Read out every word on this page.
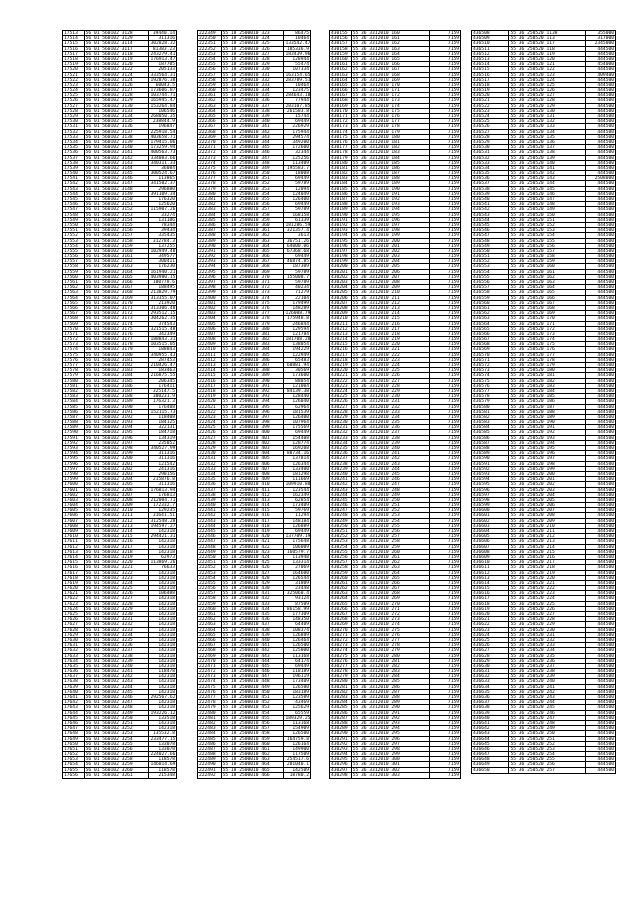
17513	56 01 560102 3128	39440.14
17514	56 01 560102 3129	311316
17515	56 01 560102 3114	302828.32
17516	56 01 560102 3117	81383.23
17517	56 01 560102 3118	243279.41
17518	56 01 560102 3119	176913.47
17519	56 01 560102 3120	187705
17520	56 01 560102 3122	205133
17521	56 01 560102 3124	333564.31
17522	56 01 560102 3124	192876.38
17523	56 01 560102 3126	60043.5
17524	56 01 560102 3127	173606.87
17525	56 01 560102 3128	103744.71
17526	56 01 560102 3129	165945.47
17527	56 01 560102 3130	153264.84
17528	56 01 560102 3133	106546
17529	56 01 560102 3134	268050.35
17530	56 01 560102 3135	238844.9
17531	56 01 560102 3136	196847
17532	56 01 560102 3137	225918.54
17533	56 01 560102 3138	403658.71
17534	56 01 560102 3139	179415.06
17535	56 01 560102 3140	173259.94
17536	56 01 560102 3141	400563.73
17537	56 01 560102 3142	334083.66
17538	56 01 560102 3143	340311.33
17539	56 01 560102 3144	36084
17540	56 01 560102 3145	300524.67
17541	56 01 560102 3146	113865
17542	56 01 560102 3147	341502.37
17543	56 01 560102 3148	296880
17544	56 01 560102 3149	391109.34
17545	56 01 560102 3150	176320
17546	56 01 560102 3151	125620
17547	56 01 560102 3152	115907.26
17548	56 01 560102 3153	33274
17549	56 01 560102 3154	131106
17550	56 01 560102 3155	78344
17551	56 01 560102 3156	39434
17552	56 01 560102 3157	335435
17553	56 01 560102 3158	312784.3
17554	56 01 560102 3159	137255
17555	56 01 560102 3160	102949.48
17556	56 01 560102 3161	349577
17557	56 01 560102 3162	300411
17558	56 01 560102 3163	176230
17559	56 01 560102 3164	161940.21
17560	56 01 560102 3165	403980.15
17561	56 01 560102 3166	180778.6
17562	56 01 560102 3167	188495
17563	56 01 560102 3168	213829.79
17564	56 01 560102 3169	313355.07
17565	56 01 560102 3170	213920
17566	56 01 560102 3171	313306.48
17567	56 01 560102 3172	293512.15
17568	56 01 560102 3173	304262.35
17569	56 01 560102 3174	374543
17570	56 01 560102 3175	321515.48
17571	56 01 560102 3176	342349
17572	56 01 560102 3177	188843.31
17573	56 01 560102 3178	103515.05
17574	56 01 560102 3179	188843
17575	56 01 560102 3180	340955.43
17576	56 01 560102 3181	287453
17577	56 01 560102 3182	210426.47
17578	56 01 560102 3183	183463
17579	56 01 560102 3184	216875.55
17580	56 01 560102 3185	206345
17581	56 01 560102 3186	176411
17582	56 01 560102 3187	325147.5
17583	56 01 560102 3188	300231.9
17584	56 01 560102 3189	176321.3
17585	56 01 560102 3190	176408
17586	56 01 560102 3191	152115.73
17587	56 01 560102 3192	118408
17588	56 01 560102 3193	184125
17589	56 01 560102 3194	322131
17590	56 01 560102 3195	184718
17591	56 01 560102 3196	134319
17592	56 01 560102 3197	235052
17593	56 01 560102 3198	340527.99
17594	56 01 560102 3199	311316
17595	56 01 560102 3200	311316
17596	56 01 560102 3201	121542
17597	56 01 560102 3202	241316
17598	56 01 560102 3203	290156
17599	56 01 560102 3204	215876.8
17600	56 01 560102 3205	311316
17601	56 01 560102 3206	176813.94
17602	56 01 560102 3207	176813
17603	56 01 560102 3208	212004.71
17604	56 01 560102 3209	172332.7
17605	56 01 560102 3210	129235
17606	56 01 560102 3211	31641.51
17607	56 01 560102 3212	312548.28
17608	56 01 560102 3213	194597.27
17609	56 01 560102 3214	142318
17610	56 01 560102 3215	294421.31
17611	56 01 560102 3216	142318
17612	56 01 560102 3217	142318
17613	56 01 560102 3218	142318
17614	56 01 560102 3219	62973
17615	56 01 560102 3220	113869.26
17616	56 01 560102 3221	76633
17617	56 01 560102 3222	142318
17618	56 01 560102 3223	142318
17619	56 01 560102 3224	142318
17620	56 01 560102 3225	142318
17621	56 01 560102 3226	106408
17622	56 01 560102 3227	142318
17623	56 01 560102 3228	142318
17624	56 01 560102 3229	142318
17625	56 01 560102 3230	142318
17626	56 01 560102 3231	142318
17627	56 01 560102 3232	142318
17628	56 01 560102 3233	142318
17629	56 01 560102 3234	142318
17630	56 01 560102 3235	142318
17631	56 01 560102 3236	142318
17632	56 01 560102 3237	142318
17633	56 01 560102 3238	142318
17634	56 01 560102 3239	142318
17635	56 01 560102 3240	142318
17636	56 01 560102 3241	118478
17637	56 01 560102 3242	142318
17638	56 01 560102 3243	142318
17639	56 01 560102 3244	142318
17640	56 01 560102 3245	142318
17641	56 01 560102 3246	292567.62
17642	56 01 560102 3247	142318
17643	56 01 560102 3248	142318
17644	56 01 560102 3249	193226.12
17645	56 01 560102 3250	133518
17646	56 01 560102 3251	142318
17647	56 01 560102 3252	142318
17648	56 01 560102 3253	135532.8
17649	56 01 560102 3254	233477.15
17650	56 01 560102 3255	133078
17651	56 01 560102 3256	133078
17652	56 01 560102 3257	224027.66
17653	56 01 560102 3258	118578
17654	56 01 560102 3259	146814.69
17655	56 01 560102 3260	118578
17656	56 01 560102 3261	215348
222349	55 18 2500010 323	86475
222350	55 18 2500010 324	10464
222351	55 18 2500010 325	133542.47
222352	55 18 2500010 326	185336.9
222353	55 18 2500010 327	183439.96
222354	55 18 2500010 328	128944
222355	55 18 2500010 329	55474
222356	55 18 2500010 330	107334
222357	55 18 2500010 331	163154.65
222358	55 18 2500010 332	283789.51
222359	55 18 2500010 333	10464
222360	55 18 2500010 334	123475
222361	55 18 2500010 335	284643.18
222362	55 18 2500010 336	77944
222363	55 18 2500010 337	283107.85
222364	55 18 2500010 338	261583.8
222365	55 18 2500010 339	15744
222366	55 18 2500010 340	69449
222367	55 18 2500010 341	226929
222368	55 18 2500010 342	175944
222369	55 18 2500010 343	294574
222370	55 18 2500010 344	349200
222371	55 18 2500010 345	172600
222372	55 18 2500010 346	32344
222373	55 18 2500010 347	125256
222374	55 18 2500010 348	113409
222375	55 18 2500010 349	195583.7
222376	55 18 2500010 350	18008
222377	55 18 2500010 351	69449
222378	55 18 2500010 352	59789
222379	55 18 2500010 353	12094
222380	55 18 2500010 354	124049
222381	55 18 2500010 355	126400
222382	55 18 2500010 356	69449
222383	55 18 2500010 357	59789
222384	55 18 2500010 358	168158
222385	55 18 2500010 359	61339
222386	55 18 2500010 360	181286.59
222387	55 18 2500010 361	321357.4
222388	55 18 2500010 362	3613
222389	55 18 2500010 363	36751.26
222390	55 18 2500010 364	64000.06
222391	55 18 2500010 365	67368.68
222392	55 18 2500010 366	69449
222393	55 18 2500010 367	46874.85
222394	55 18 2500010 368	187309
222395	55 18 2500010 369	59789
222396	55 18 2500010 370	155008.7
222397	55 18 2500010 371	59789
222398	55 18 2500010 372	40234
222399	55 18 2500010 373	71279
222400	55 18 2500010 374	22104
222401	55 18 2500010 375	179499
222402	55 18 2500010 376	148289
222403	55 18 2500010 377	126008.79
222404	55 18 2500010 378	175948.8
222405	55 18 2500010 379	246844
222406	55 18 2500010 380	129594
222407	55 18 2500010 381	121784
222408	55 18 2500010 382	181708.28
222409	55 18 2500010 383	138054
222410	55 18 2500010 384	194229
222411	55 18 2500010 385	122949
222412	55 18 2500010 386	65483
222413	55 18 2500010 387	60881.94
222414	55 18 2500010 388	30569
222415	55 18 2500010 389	173600
222416	55 18 2500010 390	88054
222417	55 18 2500010 391	121004
222418	55 18 2500010 392	84139.38
222419	55 18 2500010 393	128440
222420	55 18 2500010 394	126040
222421	55 18 2500010 395	62964
222422	55 18 2500010 396	181539
222423	55 18 2500010 397	126400
222424	55 18 2500010 398	107964
222425	55 18 2500010 399	175569
222426	55 18 2500010 400	69449
222427	55 18 2500010 401	154408
222428	55 18 2500010 402	128774
222429	55 18 2500010 403	169208
222430	55 18 2500010 404	88734.16
222431	55 18 2500010 405	137814
222432	55 18 2500010 406	126344
222433	55 18 2500010 407	133400
222434	55 18 2500010 408	181298
222435	55 18 2500010 409	111669
222436	55 18 2500010 410	109910.88
222437	55 18 2500010 411	123544
222438	55 18 2500010 412	162349
222439	55 18 2500010 413	62854
222440	55 18 2500010 414	173409
222441	55 18 2500010 415	59769
222442	55 18 2500010 416	11294
222443	55 18 2500010 417	148184
222444	55 18 2500010 418	126889
222445	55 18 2500010 419	69449
222446	55 18 2500010 420	137709.19
222447	55 18 2500010 421	175648
222448	55 18 2500010 422	106009
222449	55 18 2500010 423	160579.7
222450	55 18 2500010 424	113948
222451	55 18 2500010 425	133314
222452	55 18 2500010 426	27069
222453	55 18 2500010 427	164600
222454	55 18 2500010 428	126544
222455	55 18 2500010 429	31809
222456	55 18 2500010 430	23448
222457	55 18 2500010 431	325060.4
222458	55 18 2500010 432	93124
222459	55 18 2500010 433	87509
222460	55 18 2500010 434	86158.99
222461	55 18 2500010 435	177309
222462	55 18 2500010 436	148350
222463	55 18 2500010 437	64409
222464	55 18 2500010 438	108374
222465	55 18 2500010 439	126889
222466	55 18 2500010 440	126464
222467	55 18 2500010 441	126500
222468	55 18 2500010 442	125000
222469	55 18 2500010 443	113168
222470	55 18 2500010 444	64174
222471	55 18 2500010 445	69449
222472	55 18 2500010 446	118189
222473	55 18 2500010 447	196119
222474	55 18 2500010 448	173409
222475	55 18 2500010 449	126500
222476	55 18 2500010 450	183189
222477	55 18 2500010 451	123589
222478	55 18 2500010 452	43469
222479	55 18 2500010 453	125629
222480	55 18 2500010 454	65559
222481	55 18 2500010 455	189329.25
222482	55 18 2500010 456	113168
222483	55 18 2500010 457	154909
222484	55 18 2500010 458	126500
222485	55 18 2500010 459	164759.8
222486	55 18 2500010 460	126164
222487	55 18 2500010 461	149900
222488	55 18 2500010 462	117509
222489	55 18 2500010 463	254517.6
222490	55 18 2500010 464	201040.1
222491	55 18 2500010 465	142509
222492	55 18 2500010 466	18780.2
430155	55 36 3312010 160	7159
430156	55 36 3312010 161	7159
430157	55 36 3312010 162	7159
430158	55 36 3312010 163	7159
430159	55 36 3312010 164	7159
430160	55 36 3312010 165	7159
430161	55 36 3312010 166	7159
430162	55 36 3312010 167	7159
430163	55 36 3312010 168	7159
430164	55 36 3312010 169	7159
430165	55 36 3312010 170	7159
430166	55 36 3312010 171	7159
430167	55 36 3312010 172	7159
430168	55 36 3312010 173	7159
430169	55 36 3312010 174	7159
430170	55 36 3312010 175	7159
430171	55 36 3312010 176	7159
430172	55 36 3312010 177	7159
430173	55 36 3312010 178	7159
430174	55 36 3312010 179	7159
430175	55 36 3312010 180	7159
430176	55 36 3312010 181	7159
430177	55 36 3312010 182	7159
430178	55 36 3312010 183	7159
430179	55 36 3312010 184	7159
430180	55 36 3312010 185	7159
430181	55 36 3312010 186	7159
430182	55 36 3312010 187	7159
430183	55 36 3312010 188	7159
430184	55 36 3312010 189	7159
430185	55 36 3312010 190	7159
430186	55 36 3312010 191	7159
430187	55 36 3312010 192	7159
430188	55 36 3312010 193	7159
430189	55 36 3312010 194	7159
430190	55 36 3312010 195	7159
430191	55 36 3312010 196	7159
430192	55 36 3312010 197	7159
430193	55 36 3312010 198	7159
430194	55 36 3312010 199	7159
430195	55 36 3312010 200	7159
430196	55 36 3312010 201	7159
430197	55 36 3312010 202	7159
430198	55 36 3312010 203	7159
430199	55 36 3312010 204	7159
430200	55 36 3312010 205	7159
430201	55 36 3312010 206	7159
430202	55 36 3312010 207	7159
430203	55 36 3312010 208	7159
430204	55 36 3312010 209	7159
430205	55 36 3312010 210	7159
430206	55 36 3312010 211	7159
430207	55 36 3312010 212	7159
430208	55 36 3312010 213	7159
430209	55 36 3312010 214	7159
430210	55 36 3312010 215	7159
430211	55 36 3312010 216	7159
430212	55 36 3312010 217	7159
430213	55 36 3312010 218	7159
430214	55 36 3312010 219	7159
430215	55 36 3312010 220	7159
430216	55 36 3312010 221	7159
430217	55 36 3312010 222	7159
430218	55 36 3312010 223	7159
430219	55 36 3312010 224	7159
430220	55 36 3312010 225	7159
430221	55 36 3312010 226	7159
430222	55 36 3312010 227	7159
430223	55 36 3312010 228	7159
430224	55 36 3312010 229	7159
430225	55 36 3312010 230	7159
430226	55 36 3312010 231	7159
430227	55 36 3312010 232	7159
430228	55 36 3312010 233	7159
430229	55 36 3312010 234	7159
430230	55 36 3312010 235	7159
430231	55 36 3312010 236	7159
430232	55 36 3312010 237	7159
430233	55 36 3312010 238	7159
430234	55 36 3312010 239	7159
430235	55 36 3312010 240	7159
430236	55 36 3312010 241	7159
430237	55 36 3312010 242	7159
430238	55 36 3312010 243	7159
430239	55 36 3312010 244	7159
430240	55 36 3312010 245	7159
430241	55 36 3312010 246	7159
430242	55 36 3312010 247	7159
430243	55 36 3312010 248	7159
430244	55 36 3312010 249	7159
430245	55 36 3312010 250	7159
430246	55 36 3312010 251	7159
430247	55 36 3312010 252	7159
430248	55 36 3312010 253	7159
430249	55 36 3312010 254	7159
430250	55 36 3312010 255	7159
430251	55 36 3312010 256	7159
430252	55 36 3312010 257	7159
430253	55 36 3312010 258	7159
430254	55 36 3312010 259	7159
430255	55 36 3312010 260	7159
430256	55 36 3312010 261	7159
430257	55 36 3312010 262	7159
430258	55 36 3312010 263	7159
430259	55 36 3312010 264	7159
430260	55 36 3312010 265	7159
430261	55 36 3312010 266	7159
430262	55 36 3312010 267	7159
430263	55 36 3312010 268	7159
430264	55 36 3312010 269	7159
430265	55 36 3312010 270	7159
430266	55 36 3312010 271	7159
430267	55 36 3312010 272	7159
430268	55 36 3312010 273	7159
430269	55 36 3312010 274	7159
430270	55 36 3312010 275	7159
430271	55 36 3312010 276	7159
430272	55 36 3312010 277	7159
430273	55 36 3312010 278	7159
430274	55 36 3312010 279	7159
430275	55 36 3312010 280	7159
430276	55 36 3312010 281	7159
430277	55 36 3312010 282	7159
430278	55 36 3312010 283	7159
430279	55 36 3312010 284	7159
430280	55 36 3312010 285	7159
430281	55 36 3312010 286	7159
430282	55 36 3312010 287	7159
430283	55 36 3312010 288	7159
430284	55 36 3312010 289	7159
430285	55 36 3312010 290	7159
430286	55 36 3312010 291	7159
430287	55 36 3312010 292	7159
430288	55 36 3312010 293	7159
430289	55 36 3312010 294	7159
430290	55 36 3312010 295	7159
430291	55 36 3312010 296	7159
430292	55 36 3312010 297	7159
430293	55 36 3312010 298	7159
430294	55 36 3312010 299	7159
430295	55 36 3312010 300	7159
430296	55 36 3312010 301	7159
430297	55 36 3312010 302	7159
430298	55 36 3312010 303	7159
436508	55 36 250520 1138	355000
436509	55 36 250520 113	317000
436510	55 36 250520 117	2345000
436511	55 36 250520 118	444500
436512	55 36 250520 119	444500
436513	55 36 250520 120	444500
436514	55 36 250520 121	454000
436515	55 36 250520 122	444500
436516	55 36 250520 123	409400
436517	55 36 250520 124	444500
436518	55 36 250520 125	444500
436519	55 36 250520 126	444500
436520	55 36 250520 127	444500
436521	55 36 250520 128	444500
436522	55 36 250520 129	444500
436523	55 36 250520 130	444500
436524	55 36 250520 131	444500
436525	55 36 250520 132	444500
436526	55 36 250520 133	444500
436527	55 36 250520 134	444500
436528	55 36 250520 135	444500
436529	55 36 250520 136	444500
436530	55 36 250520 137	444500
436531	55 36 250520 138	444500
436532	55 36 250520 139	444500
436533	55 36 250520 140	444500
436534	55 36 250520 141	444500
436535	55 36 250520 142	444500
436536	55 36 250520 143	2508000
436537	55 36 250520 144	444500
436538	55 36 250520 145	444500
436539	55 36 250520 146	444500
436540	55 36 250520 147	444500
436541	55 36 250520 148	444500
436542	55 36 250520 149	444500
436543	55 36 250520 150	444500
436544	55 36 250520 151	444500
436545	55 36 250520 152	444500
436546	55 36 250520 153	444500
436547	55 36 250520 154	444500
436548	55 36 250520 155	444500
436549	55 36 250520 156	444500
436550	55 36 250520 157	444500
436551	55 36 250520 158	444500
436552	55 36 250520 159	444500
436553	55 36 250520 160	444500
436554	55 36 250520 161	444500
436555	55 36 250520 162	444500
436556	55 36 250520 163	444500
436557	55 36 250520 164	444500
436558	55 36 250520 165	444500
436559	55 36 250520 166	444500
436560	55 36 250520 167	444500
436561	55 36 250520 168	444500
436562	55 36 250520 169	444500
436563	55 36 250520 170	444500
436564	55 36 250520 171	444500
436565	55 36 250520 172	444500
436566	55 36 250520 173	444500
436567	55 36 250520 174	444500
436568	55 36 250520 175	444500
436569	55 36 250520 176	444500
436570	55 36 250520 177	444500
436571	55 36 250520 178	444500
436572	55 36 250520 179	444500
436573	55 36 250520 180	444500
436574	55 36 250520 181	444500
436575	55 36 250520 182	444500
436576	55 36 250520 183	444500
436577	55 36 250520 184	444500
436578	55 36 250520 185	444500
436579	55 36 250520 186	444500
436580	55 36 250520 187	444500
436581	55 36 250520 188	444500
436582	55 36 250520 189	444500
436583	55 36 250520 190	444500
436584	55 36 250520 191	444500
436585	55 36 250520 192	444500
436586	55 36 250520 193	444500
436587	55 36 250520 194	444500
436588	55 36 250520 195	444500
436589	55 36 250520 196	444500
436590	55 36 250520 197	444500
436591	55 36 250520 198	444500
436592	55 36 250520 199	444500
436593	55 36 250520 200	444500
436594	55 36 250520 201	444500
436595	55 36 250520 202	444500
436596	55 36 250520 203	444500
436597	55 36 250520 204	444500
436598	55 36 250520 205	444500
436599	55 36 250520 206	444500
436600	55 36 250520 207	444500
436601	55 36 250520 208	444500
436602	55 36 250520 209	444500
436603	55 36 250520 210	444500
436604	55 36 250520 211	444500
436605	55 36 250520 212	444500
436606	55 36 250520 213	444500
436607	55 36 250520 214	444500
436608	55 36 250520 215	444500
436609	55 36 250520 216	444500
436610	55 36 250520 217	444500
436611	55 36 250520 218	444500
436612	55 36 250520 219	444500
436613	55 36 250520 220	444500
436614	55 36 250520 221	444500
436615	55 36 250520 222	444500
436616	55 36 250520 223	444500
436617	55 36 250520 224	444500
436618	55 36 250520 225	444500
436619	55 36 250520 226	444500
436620	55 36 250520 227	444500
436621	55 36 250520 228	444500
436622	55 36 250520 229	444500
436623	55 36 250520 230	444500
436624	55 36 250520 231	444500
436625	55 36 250520 232	444500
436626	55 36 250520 233	444500
436627	55 36 250520 234	444500
436628	55 36 250520 235	444500
436629	55 36 250520 236	444500
436630	55 36 250520 237	444500
436631	55 36 250520 238	444500
436632	55 36 250520 239	444500
436633	55 36 250520 240	444500
436634	55 36 250520 241	444500
436635	55 36 250520 242	444500
436636	55 36 250520 243	444500
436637	55 36 250520 244	444500
436638	55 36 250520 245	444500
436639	55 36 250520 246	444500
436640	55 36 250520 247	444500
436641	55 36 250520 248	444500
436642	55 36 250520 249	444500
436643	55 36 250520 250	444500
436644	55 36 250520 251	444500
436645	55 36 250520 252	444500
436646	55 36 250520 253	444500
436647	55 36 250520 254	444500
436648	55 36 250520 255	444500
436649	55 36 250520 256	444500
436650	55 36 250520 257	444500
